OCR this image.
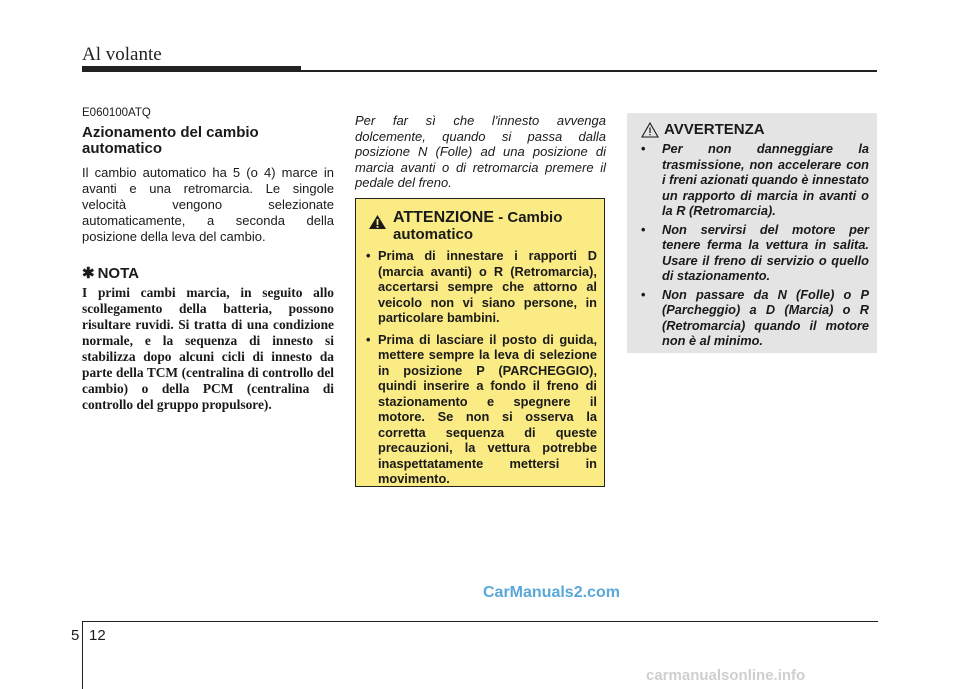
Al volante

E060100ATQ

Azionamento del cambio automatico

Il cambio automatico ha 5 (o 4) marce in avanti e una retromarcia. Le singole velocità vengono selezionate automaticamente, a seconda della posizione della leva del cambio.

✱ NOTA

I primi cambi marcia, in seguito allo scollegamento della batteria, possono risultare ruvidi. Si tratta di una condizione normale, e la sequenza di innesto si stabilizza dopo alcuni cicli di innesto da parte della TCM (centralina di controllo del cambio) o della PCM (centralina di controllo del gruppo propulsore).

Per far sì che l'innesto avvenga dolcemente, quando si passa dalla posizione N (Folle) ad una posizione di marcia avanti o di retromarcia premere il pedale del freno.
ATTENZIONE - Cambio automatico
• Prima di innestare i rapporti D (marcia avanti) o R (Retromarcia), accertarsi sempre che attorno al veicolo non vi siano persone, in particolare bambini.
• Prima di lasciare il posto di guida, mettere sempre la leva di selezione in posizione P (PARCHEGGIO), quindi inserire a fondo il freno di stazionamento e spegnere il motore. Se non si osserva la corretta sequenza di queste precauzioni, la vettura potrebbe inaspettatamente mettersi in movimento.
AVVERTENZA
• Per non danneggiare la trasmissione, non accelerare con i freni azionati quando è innestato un rapporto di marcia in avanti o la R (Retromarcia).
• Non servirsi del motore per tenere ferma la vettura in salita. Usare il freno di servizio o quello di stazionamento.
• Non passare da N (Folle) o P (Parcheggio) a D (Marcia) o R (Retromarcia) quando il motore non è al minimo.
CarManuals2.com
5 12
carmanualsonline.info
